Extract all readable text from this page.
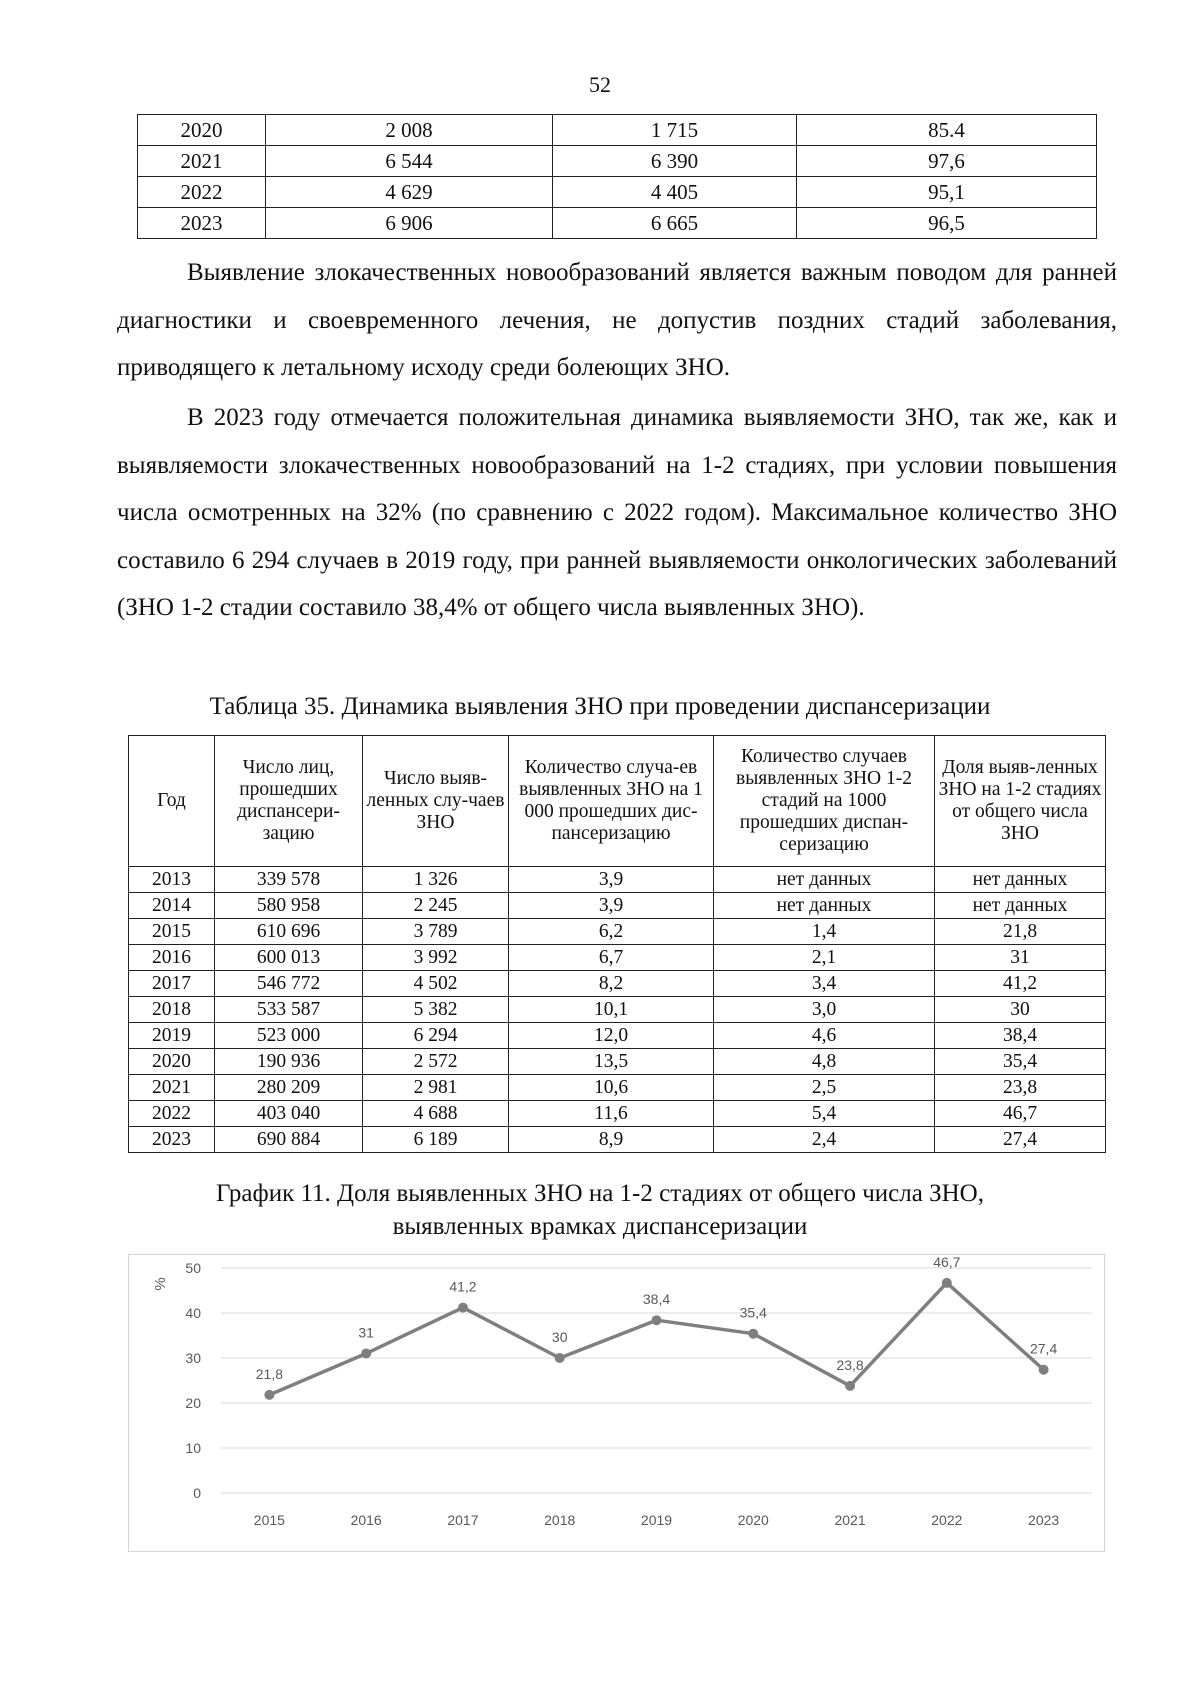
52
2020	2 008	1 715	85.4
2021	6 544	6 390	97,6
2022	4 629	4 405	95,1
2023	6 906	6 665	96,5

Выявление злокачественных новообразований является важным поводом для ранней диагностики и своевременного лечения, не допустив поздних стадий заболевания, приводящего к летальному исходу среди болеющих ЗНО.

В 2023 году отмечается положительная динамика выявляемости ЗНО, так же, как и выявляемости злокачественных новообразований на 1-2 стадиях, при условии повышения числа осмотренных на 32% (по сравнению с 2022 годом). Максимальное количество ЗНО составило 6 294 случаев в 2019 году, при ранней выявляемости онкологических заболеваний (ЗНО 1-2 стадии составило 38,4% от общего числа выявленных ЗНО).

Таблица 35. Динамика выявления ЗНО при проведении диспансеризации
Год	Число лиц, прошедших диспансери-зацию	Число выяв-ленных слу-чаев ЗНО	Количество случа-ев выявленных ЗНО на 1 000 прошедших дис-пансеризацию	Количество случаев выявленных ЗНО 1-2 стадий на 1000 прошедших диспан-серизацию	Доля выяв-ленных ЗНО на 1-2 стадиях от общего числа ЗНО
2013	339 578	1 326	3,9	нет данных	нет данных
2014	580 958	2 245	3,9	нет данных	нет данных
2015	610 696	3 789	6,2	1,4	21,8
2016	600 013	3 992	6,7	2,1	31
2017	546 772	4 502	8,2	3,4	41,2
2018	533 587	5 382	10,1	3,0	30
2019	523 000	6 294	12,0	4,6	38,4
2020	190 936	2 572	13,5	4,8	35,4
2021	280 209	2 981	10,6	2,5	23,8
2022	403 040	4 688	11,6	5,4	46,7
2023	690 884	6 189	8,9	2,4	27,4
График 11. Доля выявленных ЗНО на 1-2 стадиях от общего числа ЗНО,
выявленных врамках диспансеризации
0
10
20
30
40
50
%
2015	2016	2017	2018	2019	2020	2021	2022	2023
21,8
31
41,2
30
38,4
35,4
23,8
46,7
27,4
